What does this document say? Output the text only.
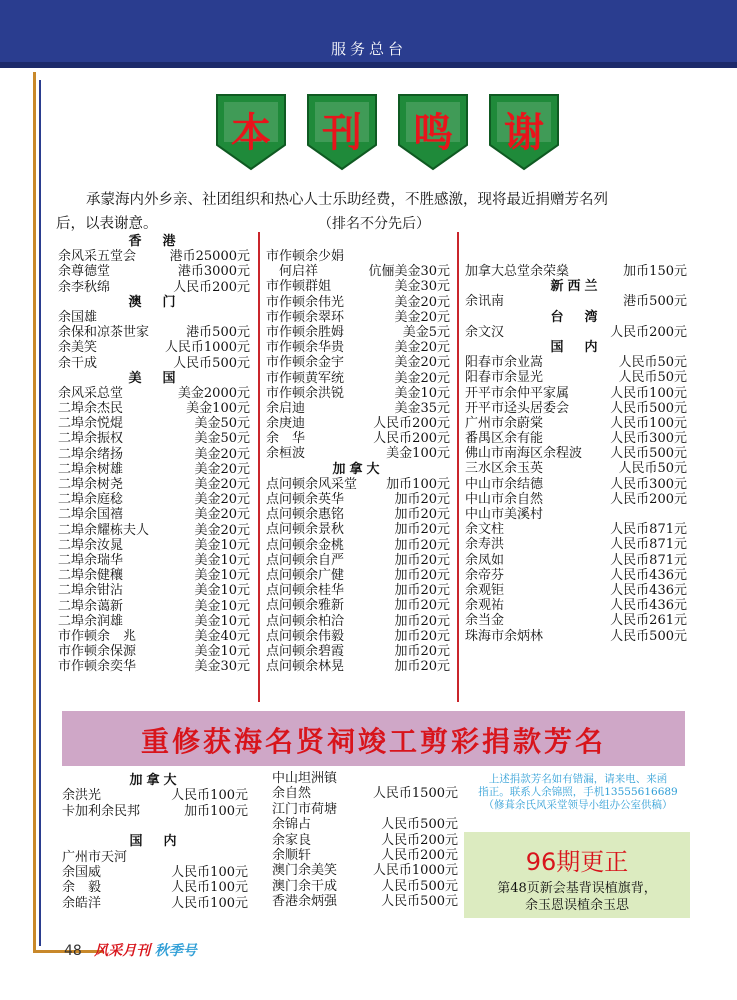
服务总台
本	刊	鸣	谢
承蒙海内外乡亲、社团组织和热心人士乐助经费，不胜感激，现将最近捐赠芳名列
后，以表谢意。	（排名不分先后）
香　港
余风采五堂会	港币25000元
余尊德堂	港币3000元
余李秋绵	人民币200元
澳　门
余国雄
余保和凉茶世家	港币500元
余美笑	人民币1000元
余干成	人民币500元
美　国
余风采总堂	美金2000元
二埠余杰民	美金100元
二埠余悦焜	美金50元
二埠余振权	美金50元
二埠余绪扬	美金20元
二埠余树雄	美金20元
二埠余树尧	美金20元
二埠余庭稔	美金20元
二埠余国禧	美金20元
二埠余耀栋夫人	美金20元
二埠余汝晁	美金10元
二埠余瑞华	美金10元
二埠余健穰	美金10元
二埠余钳沾	美金10元
二埠余蔼新	美金10元
二埠余润雄	美金10元
市作顿余　兆	美金40元
市作顿余保源	美金10元
市作顿余奕华	美金30元
市作顿余少娟
　何启祥	伉俪美金30元
市作顿群姐	美金30元
市作顿余伟光	美金20元
市作顿余翠环	美金20元
市作顿余胜姆	美金5元
市作顿余华贵	美金20元
市作顿余金宇	美金20元
市作顿黄军统	美金20元
市作顿余洪锐	美金10元
余启迪	美金35元
余庚迪	人民币200元
余　华	人民币200元
余桓波	美金100元
加拿大
点问顿余风采堂 加币100元
点问顿余英华	加币20元
点问顿余惠铭	加币20元
点问顿余景秋	加币20元
点问顿余金桃	加币20元
点问顿余自严	加币20元
点问顿余广健	加币20元
点问顿余桂华	加币20元
点问顿余雅新	加币20元
点问顿余柏洽	加币20元
点问顿余伟毅	加币20元
点问顿余碧霞	加币20元
点问顿余林晃	加币20元
加拿大总堂余荣燊	加币150元
新西兰
余讯南	港币500元
台　湾
余文汉	人民币200元
国　内
阳春市余业嵩	人民币50元
阳春市余显光	人民币50元
开平市余仲平家属	人民币100元
开平市迳头居委会	人民币500元
广州市余蔚棠	人民币100元
番禺区余有能	人民币300元
佛山市南海区余程波 人民币500元
三水区余玉英	人民币50元
中山市余结德	人民币300元
中山市余自然	人民币200元
中山市美溪村
余文柱	人民币871元
余寿洪	人民币871元
余凤如	人民币871元
余帝芬	人民币436元
余观钜	人民币436元
余观祐	人民币436元
余当金	人民币261元
珠海市余炳林	人民币500元
重修获海名贤祠竣工剪彩捐款芳名
加拿大
余洪光	人民币100元
卡加利余民邦	加币100元
国　内
广州市天河
余国威	人民币100元
余　毅	人民币100元
余皓洋	人民币100元
中山坦洲镇
余自然	人民币1500元
江门市荷塘
余锦占	人民币500元
余家良	人民币200元
余顺轩	人民币200元
澳门余美笑	人民币1000元
澳门余干成	人民币500元
香港余炳强	人民币500元
上述捐款芳名如有错漏，请来电、来函
指正。联系人余锦照，手机13555616689
（修葺余氏风采堂领导小组办公室供稿）
96期更正
第48页新会基背误植旗背，
余玉恩误植余玉思
48 风采月刊 秋季号
